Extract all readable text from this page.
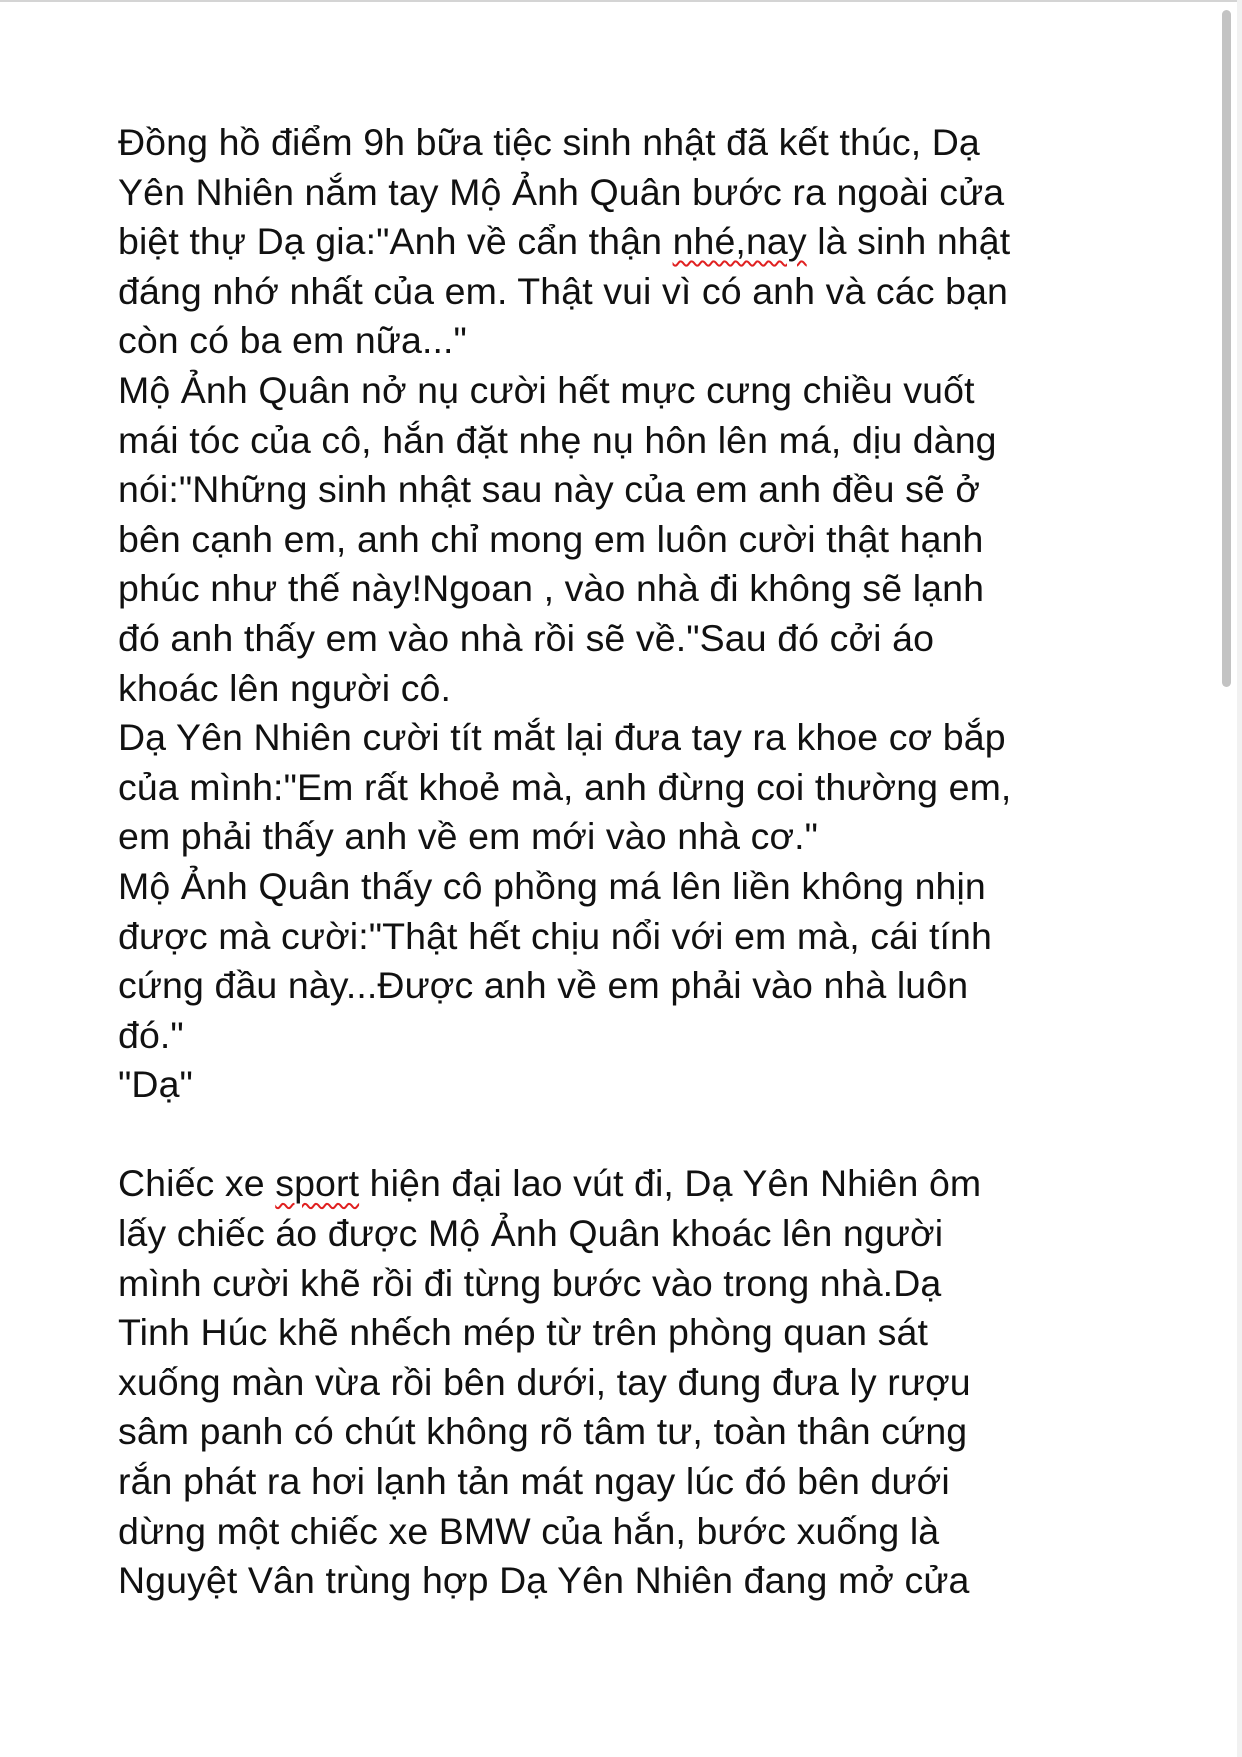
Đồng hồ điểm 9h bữa tiệc sinh nhật đã kết thúc, Dạ
Yên Nhiên nắm tay Mộ Ảnh Quân bước ra ngoài cửa
biệt thự Dạ gia:"Anh về cẩn thận nhé,nay là sinh nhật
đáng nhớ nhất của em. Thật vui vì có anh và các bạn
còn có ba em nữa..."
Mộ Ảnh Quân nở nụ cười hết mực cưng chiều vuốt
mái tóc của cô, hắn đặt nhẹ nụ hôn lên má, dịu dàng
nói:"Những sinh nhật sau này của em anh đều sẽ ở
bên cạnh em, anh chỉ mong em luôn cười thật hạnh
phúc như thế này!Ngoan , vào nhà đi không sẽ lạnh
đó anh thấy em vào nhà rồi sẽ về."Sau đó cởi áo
khoác lên người cô.
Dạ Yên Nhiên cười tít mắt lại đưa tay ra khoe cơ bắp
của mình:"Em rất khoẻ mà, anh đừng coi thường em,
em phải thấy anh về em mới vào nhà cơ."
Mộ Ảnh Quân thấy cô phồng má lên liền không nhịn
được mà cười:"Thật hết chịu nổi với em mà, cái tính
cứng đầu này...Được anh về em phải vào nhà luôn
đó."
"Dạ"
Chiếc xe sport hiện đại lao vút đi, Dạ Yên Nhiên ôm
lấy chiếc áo được Mộ Ảnh Quân khoác lên người
mình cười khẽ rồi đi từng bước vào trong nhà.Dạ
Tinh Húc khẽ nhếch mép từ trên phòng quan sát
xuống màn vừa rồi bên dưới, tay đung đưa ly rượu
sâm panh có chút không rõ tâm tư, toàn thân cứng
rắn phát ra hơi lạnh tản mát ngay lúc đó bên dưới
dừng một chiếc xe BMW của hắn, bước xuống là
Nguyệt Vân trùng hợp Dạ Yên Nhiên đang mở cửa
